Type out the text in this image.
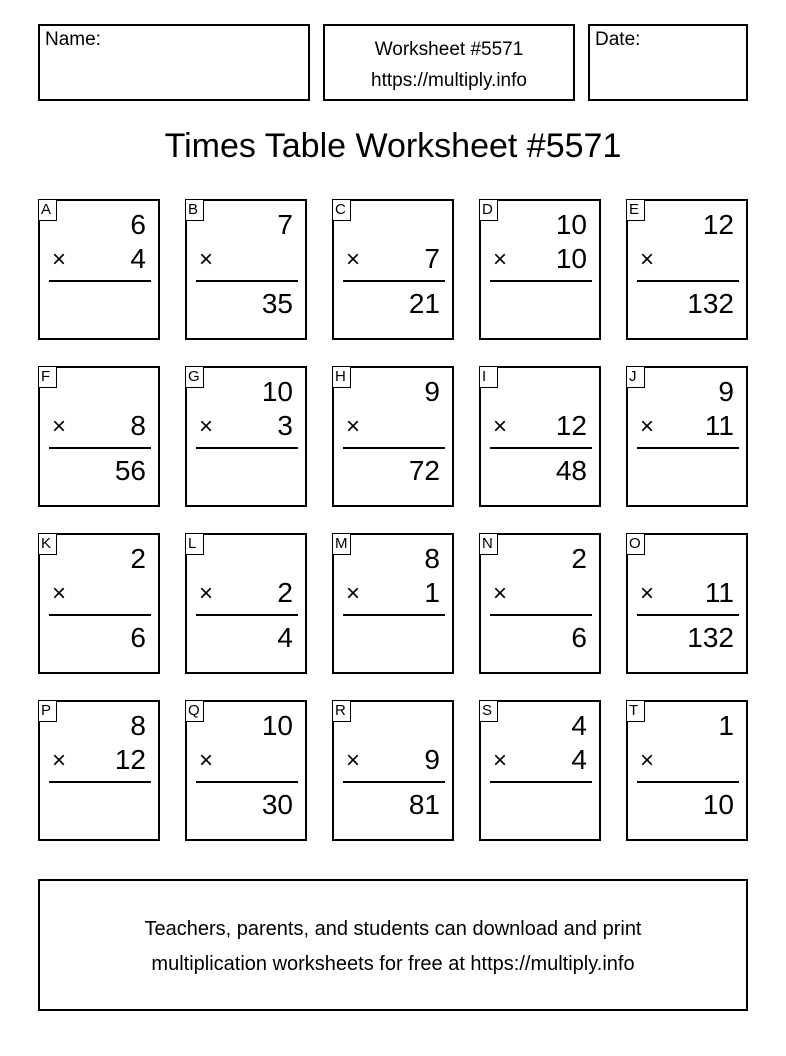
Name:	Worksheet #5571
https://multiply.info
Date:
Times Table Worksheet #5571
A	6
× 4
B	7
×
35
C
× 7
21
D 10
× 10
E 12
×
132
F
× 8
56
G 10
× 3
H	9
×
72
I
× 12
48
J	9
× 11
K	2
×
6
L
× 2
4
M	8
× 1
N	2
×
6
O
× 11
132
P	8
× 12
Q 10
×
30
R
× 9
81
S	4
× 4
T	1
×
10
Teachers, parents, and students can download and print
multiplication worksheets for free at https://multiply.info
